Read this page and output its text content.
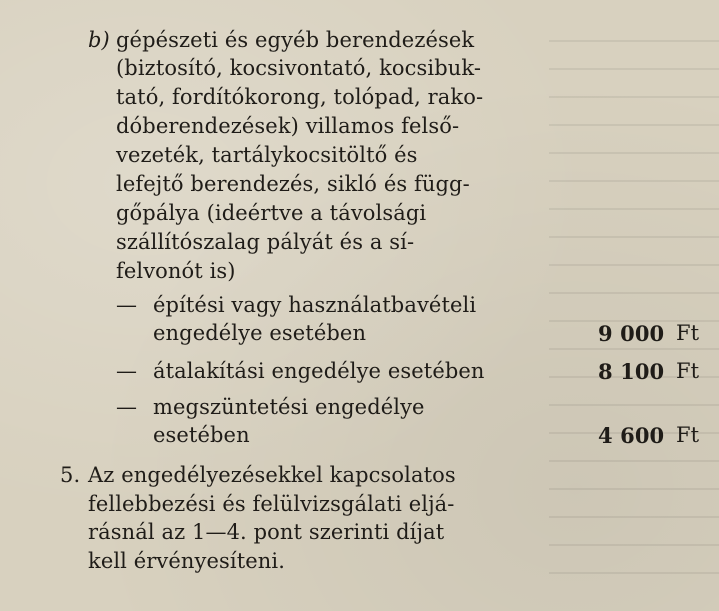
b) gépészeti és egyéb berendezések
(biztosító, kocsivontató, kocsibuk-
tató, fordítókorong, tolópad, rako-
dóberendezések) villamos felső-
vezeték, tartálykocsitöltő és
lefejtő berendezés, sikló és függ-
gőpálya (ideértve a távolsági
szállítószalag pályát és a sí-
felvonót is)
— építési vagy használatbavételi
engedélye esetében	9 000 Ft
— átalakítási engedélye esetében	8 100 Ft
— megszüntetési engedélye
esetében	4 600 Ft
5. Az engedélyezésekkel kapcsolatos
fellebbezési és felülvizsgálati eljá-
rásnál az 1—4. pont szerinti díjat
kell érvényesíteni.
